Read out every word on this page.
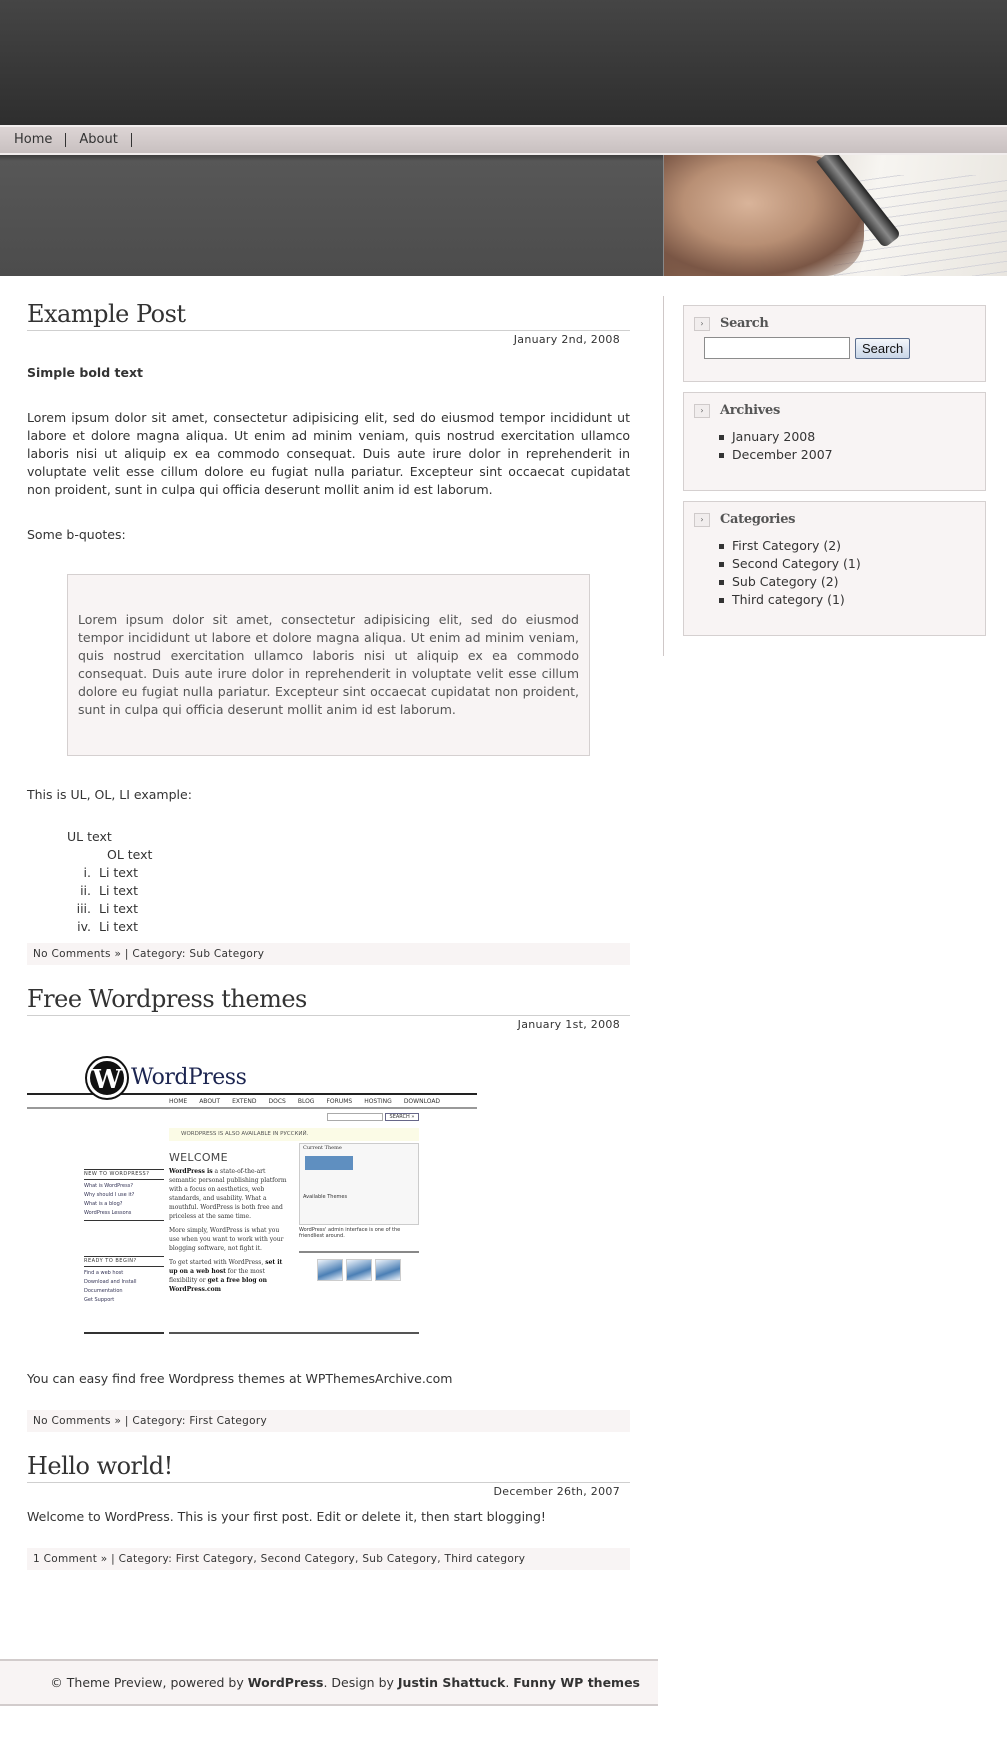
Home	About
Example Post
January 2nd, 2008

Simple bold text

Lorem ipsum dolor sit amet, consectetur adipisicing elit, sed do eiusmod tempor incididunt ut labore et dolore magna aliqua. Ut enim ad minim veniam, quis nostrud exercitation ullamco laboris nisi ut aliquip ex ea commodo consequat. Duis aute irure dolor in reprehenderit in voluptate velit esse cillum dolore eu fugiat nulla pariatur. Excepteur sint occaecat cupidatat non proident, sunt in culpa qui officia deserunt mollit anim id est laborum.

Some b-quotes:

Lorem ipsum dolor sit amet, consectetur adipisicing elit, sed do eiusmod tempor incididunt ut labore et dolore magna aliqua. Ut enim ad minim veniam, quis nostrud exercitation ullamco laboris nisi ut aliquip ex ea commodo consequat. Duis aute irure dolor in reprehenderit in voluptate velit esse cillum dolore eu fugiat nulla pariatur. Excepteur sint occaecat cupidatat non proident, sunt in culpa qui officia deserunt mollit anim id est laborum.

This is UL, OL, LI example:

UL text
OL text
i. Li text
ii. Li text
iii. Li text
iv. Li text
No Comments » | Category: Sub Category
Free Wordpress themes
January 1st, 2008
W WordPress
HOME ABOUT EXTEND DOCS BLOG FORUMS HOSTING DOWNLOAD
SEARCH »
WORDPRESS IS ALSO AVAILABLE IN РУССКИЙ.
WELCOME
NEW TO WORDPRESS?
What is WordPress?
Why should I use it?
What is a blog?
WordPress Lessons
READY TO BEGIN?
Find a web host
Download and Install
Documentation
Get Support

WordPress is a state-of-the-art semantic personal publishing platform with a focus on aesthetics, web standards, and usability. What a mouthful. WordPress is both free and priceless at the same time.

More simply, WordPress is what you use when you want to work with your blogging software, not fight it.

To get started with WordPress, set it up on a web host for the most flexibility or get a free blog on WordPress.com

Current Theme
Available Themes
WordPress' admin interface is one of the friendliest around.

You can easy find free Wordpress themes at WPThemesArchive.com

No Comments » | Category: First Category
Hello world!
December 26th, 2007

Welcome to WordPress. This is your first post. Edit or delete it, then start blogging!

1 Comment » | Category: First Category, Second Category, Sub Category, Third category
›	Search
Search
›	Archives
January 2008
December 2007
›	Categories
First Category (2)
Second Category (1)
Sub Category (2)
Third category (1)
© Theme Preview, powered by
WordPress . Design by
Justin Shattuck .
Funny WP themes
